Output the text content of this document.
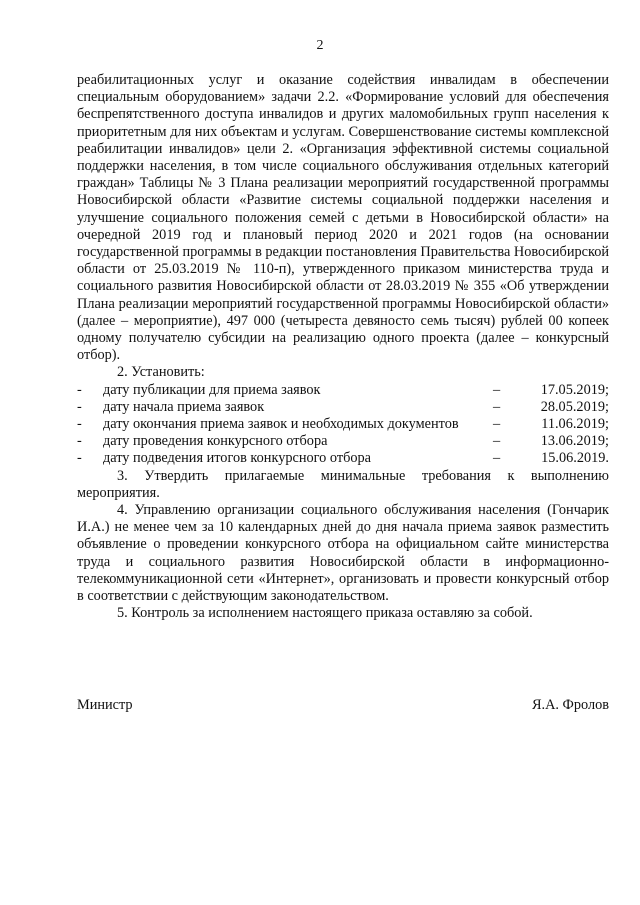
2

реабилитационных услуг и оказание содействия инвалидам в обеспечении специальным оборудованием» задачи 2.2. «Формирование условий для обеспечения беспрепятственного доступа инвалидов и других маломобильных групп населения к приоритетным для них объектам и услугам. Совершенствование системы комплексной реабилитации инвалидов» цели 2. «Организация эффективной системы социальной поддержки населения, в том числе социального обслуживания отдельных категорий граждан» Таблицы № 3 Плана реализации мероприятий государственной программы Новосибирской области «Развитие системы социальной поддержки населения и улучшение социального положения семей с детьми в Новосибирской области» на очередной 2019 год и плановый период 2020 и 2021 годов (на основании государственной программы в редакции постановления Правительства Новосибирской области от 25.03.2019 № 110-п), утвержденного приказом министерства труда и социального развития Новосибирской области от 28.03.2019 № 355 «Об утверждении Плана реализации мероприятий государственной программы Новосибирской области» (далее – мероприятие), 497 000 (четыреста девяносто семь тысяч) рублей 00 копеек одному получателю субсидии на реализацию одного проекта (далее – конкурсный отбор).

2. Установить:

-	дату публикации для приема заявок	–	17.05.2019;
-	дату начала приема заявок	–	28.05.2019;
-	дату окончания приема заявок и необходимых документов	–	11.06.2019;
-	дату проведения конкурсного отбора	–	13.06.2019;
-	дату подведения итогов конкурсного отбора	–	15.06.2019.

3. Утвердить прилагаемые минимальные требования к выполнению мероприятия.

4. Управлению организации социального обслуживания населения (Гончарик И.А.) не менее чем за 10 календарных дней до дня начала приема заявок разместить объявление о проведении конкурсного отбора на официальном сайте министерства труда и социального развития Новосибирской области в информационно-телекоммуникационной сети «Интернет», организовать и провести конкурсный отбор в соответствии с действующим законодательством.

5. Контроль за исполнением настоящего приказа оставляю за собой.

Министр	Я.А. Фролов
